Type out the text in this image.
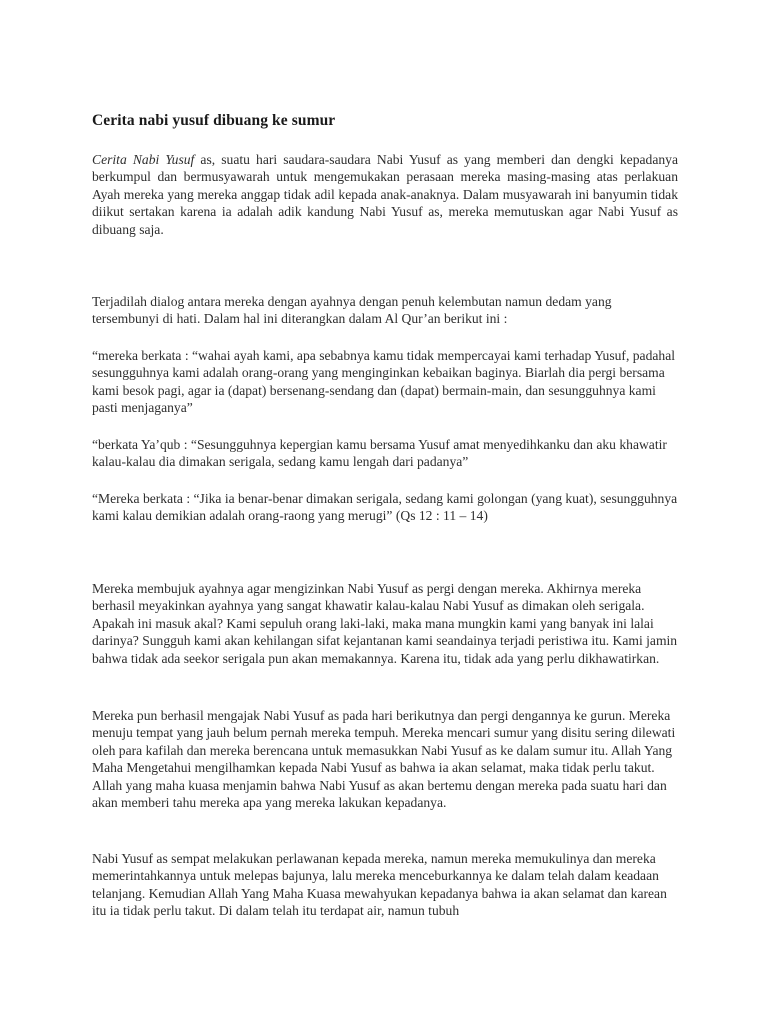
Cerita nabi yusuf dibuang ke sumur

Cerita Nabi Yusuf as, suatu hari saudara-saudara Nabi Yusuf as yang memberi dan dengki kepadanya berkumpul dan bermusyawarah untuk mengemukakan perasaan mereka masing-masing atas perlakuan Ayah mereka yang mereka anggap tidak adil kepada anak-anaknya. Dalam musyawarah ini banyumin tidak diikut sertakan karena ia adalah adik kandung Nabi Yusuf as, mereka memutuskan agar Nabi Yusuf as dibuang saja.

Terjadilah dialog antara mereka dengan ayahnya dengan penuh kelembutan namun dedam yang tersembunyi di hati. Dalam hal ini diterangkan dalam Al Qur’an berikut ini :

“mereka berkata : “wahai ayah kami, apa sebabnya kamu tidak mempercayai kami terhadap Yusuf, padahal sesungguhnya kami adalah orang-orang yang menginginkan kebaikan baginya. Biarlah dia pergi bersama kami besok pagi, agar ia (dapat) bersenang-sendang dan (dapat) bermain-main, dan sesungguhnya kami pasti menjaganya”

“berkata Ya’qub : “Sesungguhnya kepergian kamu bersama Yusuf amat menyedihkanku dan aku khawatir kalau-kalau dia dimakan serigala, sedang kamu lengah dari padanya”

“Mereka berkata : “Jika ia benar-benar dimakan serigala, sedang kami golongan (yang kuat), sesungguhnya kami kalau demikian adalah orang-raong yang merugi” (Qs 12 : 11 – 14)

Mereka membujuk ayahnya agar mengizinkan Nabi Yusuf as pergi dengan mereka. Akhirnya mereka berhasil meyakinkan ayahnya yang sangat khawatir kalau-kalau Nabi Yusuf as dimakan oleh serigala. Apakah ini masuk akal? Kami sepuluh orang laki-laki, maka mana mungkin kami yang banyak ini lalai darinya? Sungguh kami akan kehilangan sifat kejantanan kami seandainya terjadi peristiwa itu. Kami jamin bahwa tidak ada seekor serigala pun akan memakannya. Karena itu, tidak ada yang perlu dikhawatirkan.

Mereka pun berhasil mengajak Nabi Yusuf as pada hari berikutnya dan pergi dengannya ke gurun. Mereka menuju tempat yang jauh belum pernah mereka tempuh. Mereka mencari sumur yang disitu sering dilewati oleh para kafilah dan mereka berencana untuk memasukkan Nabi Yusuf as ke dalam sumur itu. Allah Yang Maha Mengetahui mengilhamkan kepada Nabi Yusuf as bahwa ia akan selamat, maka tidak perlu takut. Allah yang maha kuasa menjamin bahwa Nabi Yusuf as akan bertemu dengan mereka pada suatu hari dan akan memberi tahu mereka apa yang mereka lakukan kepadanya.

Nabi Yusuf as sempat melakukan perlawanan kepada mereka, namun mereka memukulinya dan mereka memerintahkannya untuk melepas bajunya, lalu mereka menceburkannya ke dalam telah dalam keadaan telanjang. Kemudian Allah Yang Maha Kuasa mewahyukan kepadanya bahwa ia akan selamat dan karean itu ia tidak perlu takut. Di dalam telah itu terdapat air, namun tubuh
